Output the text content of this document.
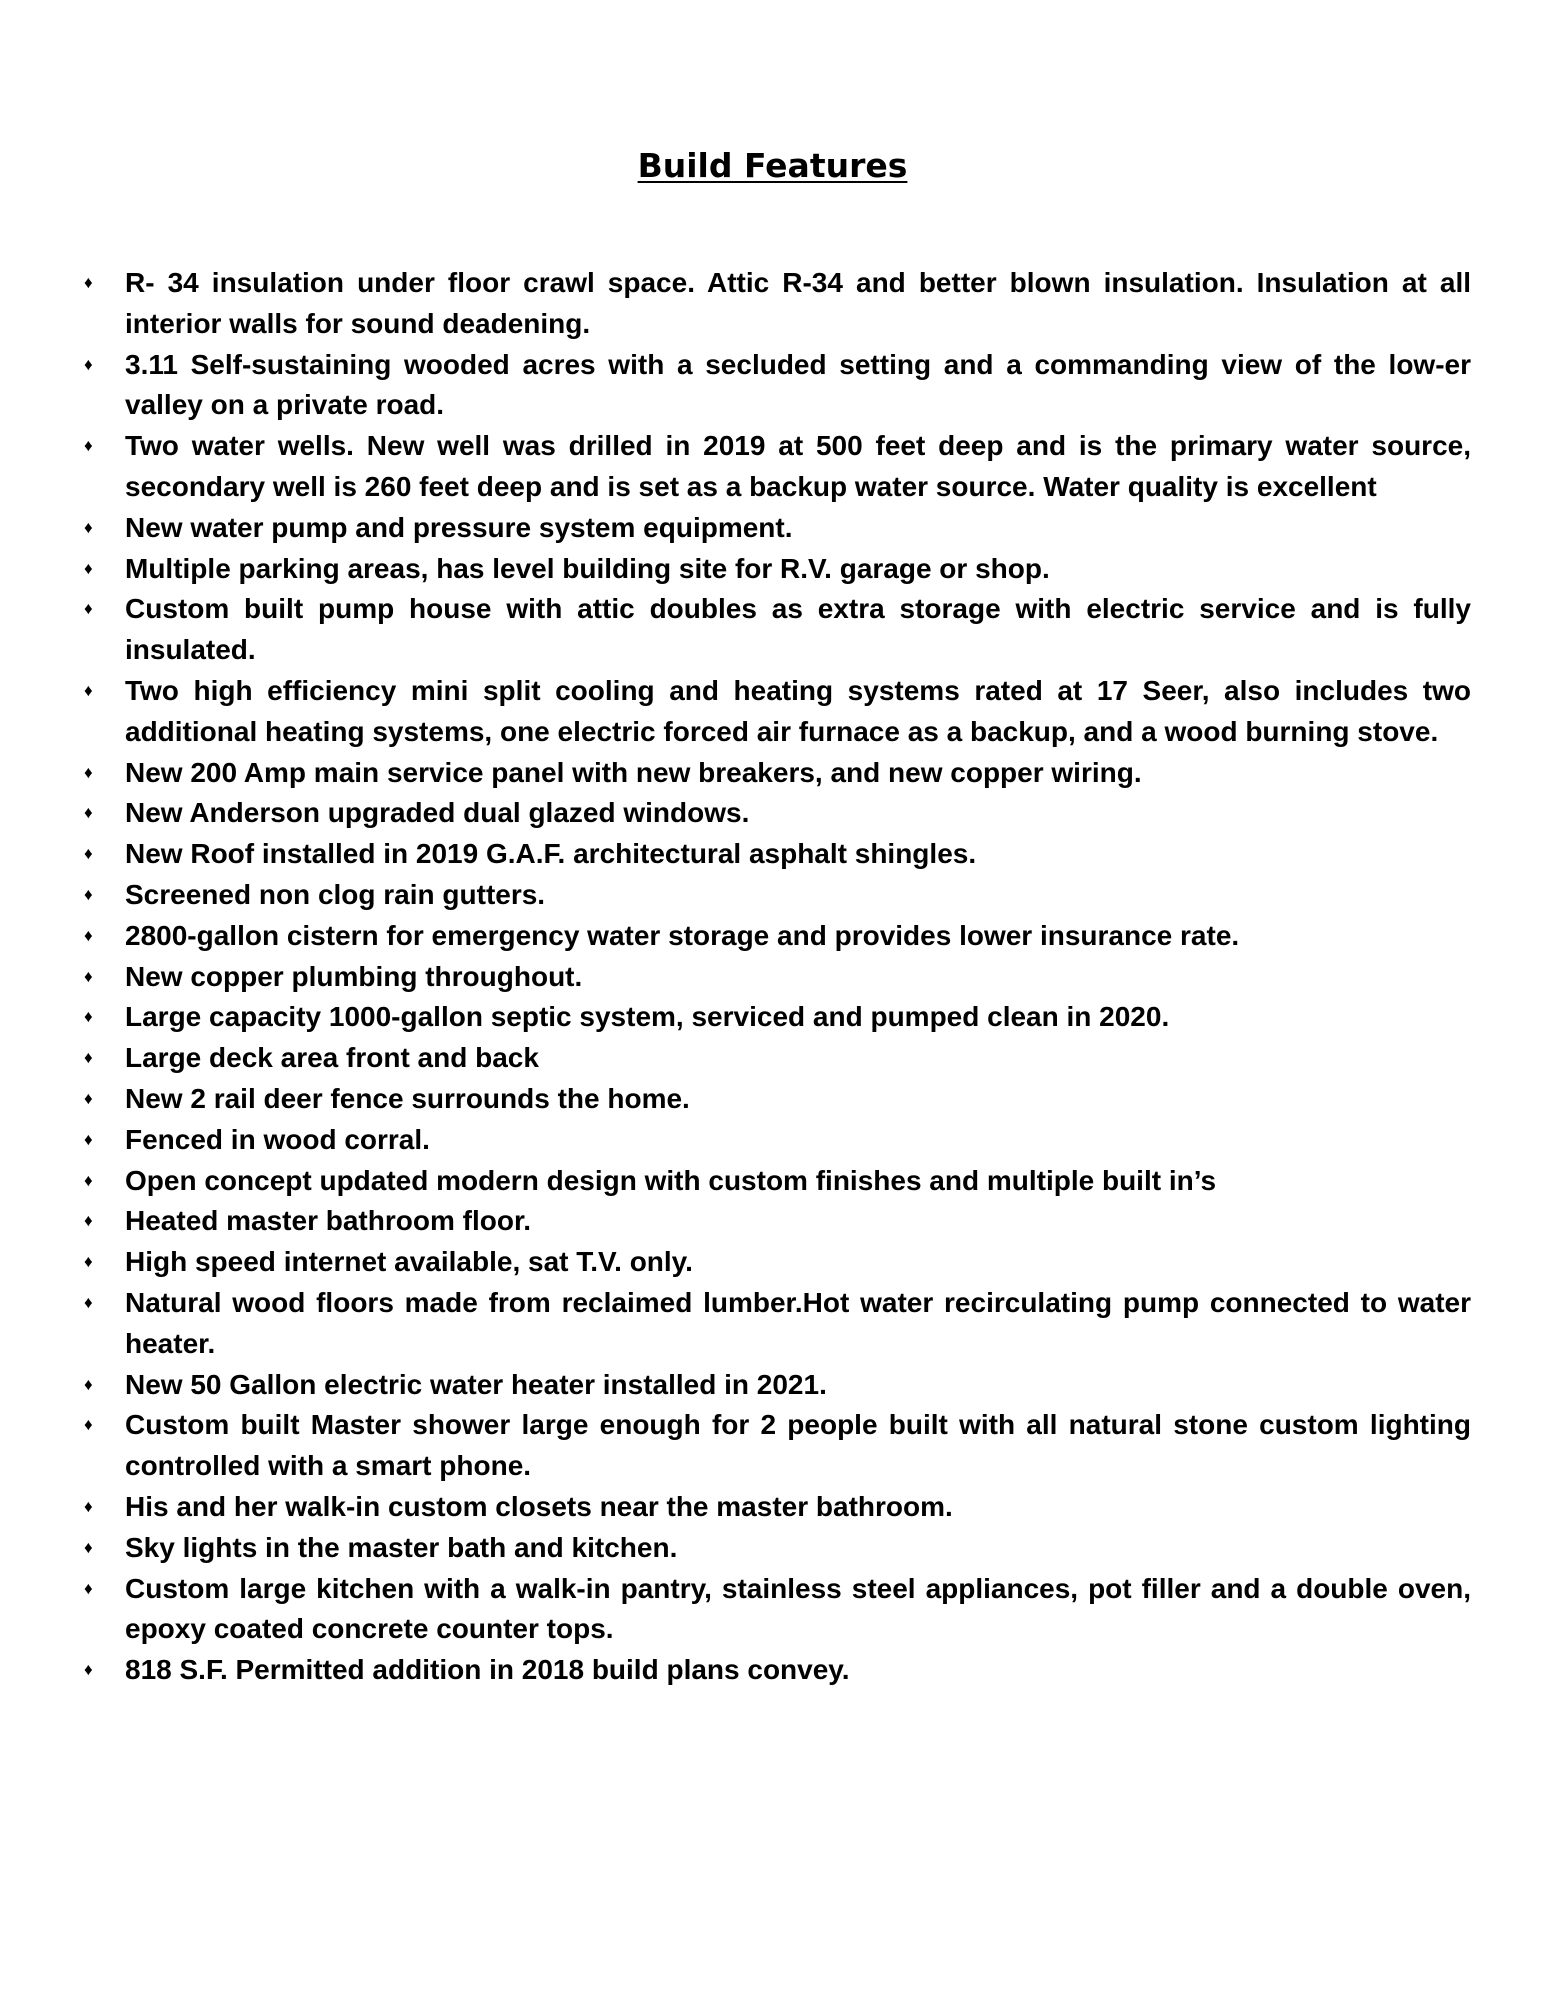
Build Features
♦ R- 34 insulation under floor crawl space. Attic R-34 and better blown insulation. Insulation at all interior walls for sound deadening.
♦ 3.11 Self-sustaining wooded acres with a secluded setting and a commanding view of the low-er valley on a private road.
♦ Two water wells. New well was drilled in 2019 at 500 feet deep and is the primary water source, secondary well is 260 feet deep and is set as a backup water source. Water quality is excellent
♦ New water pump and pressure system equipment.
♦ Multiple parking areas, has level building site for R.V. garage or shop.
♦ Custom built pump house with attic doubles as extra storage with electric service and is fully insulated.
♦ Two high efficiency mini split cooling and heating systems rated at 17 Seer, also includes two additional heating systems, one electric forced air furnace as a backup, and a wood burning stove.
♦ New 200 Amp main service panel with new breakers, and new copper wiring.
♦ New Anderson upgraded dual glazed windows.
♦ New Roof installed in 2019 G.A.F. architectural asphalt shingles.
♦ Screened non clog rain gutters.
♦ 2800-gallon cistern for emergency water storage and provides lower insurance rate.
♦ New copper plumbing throughout.
♦ Large capacity 1000-gallon septic system, serviced and pumped clean in 2020.
♦ Large deck area front and back
♦ New 2 rail deer fence surrounds the home.
♦ Fenced in wood corral.
♦ Open concept updated modern design with custom finishes and multiple built in’s
♦ Heated master bathroom floor.
♦ High speed internet available, sat T.V. only.
♦ Natural wood floors made from reclaimed lumber.Hot water recirculating pump connected to water heater.
♦ New 50 Gallon electric water heater installed in 2021.
♦ Custom built Master shower large enough for 2 people built with all natural stone custom lighting controlled with a smart phone.
♦ His and her walk-in custom closets near the master bathroom.
♦ Sky lights in the master bath and kitchen.
♦ Custom large kitchen with a walk-in pantry, stainless steel appliances, pot filler and a double oven, epoxy coated concrete counter tops.
♦ 818 S.F. Permitted addition in 2018 build plans convey.
